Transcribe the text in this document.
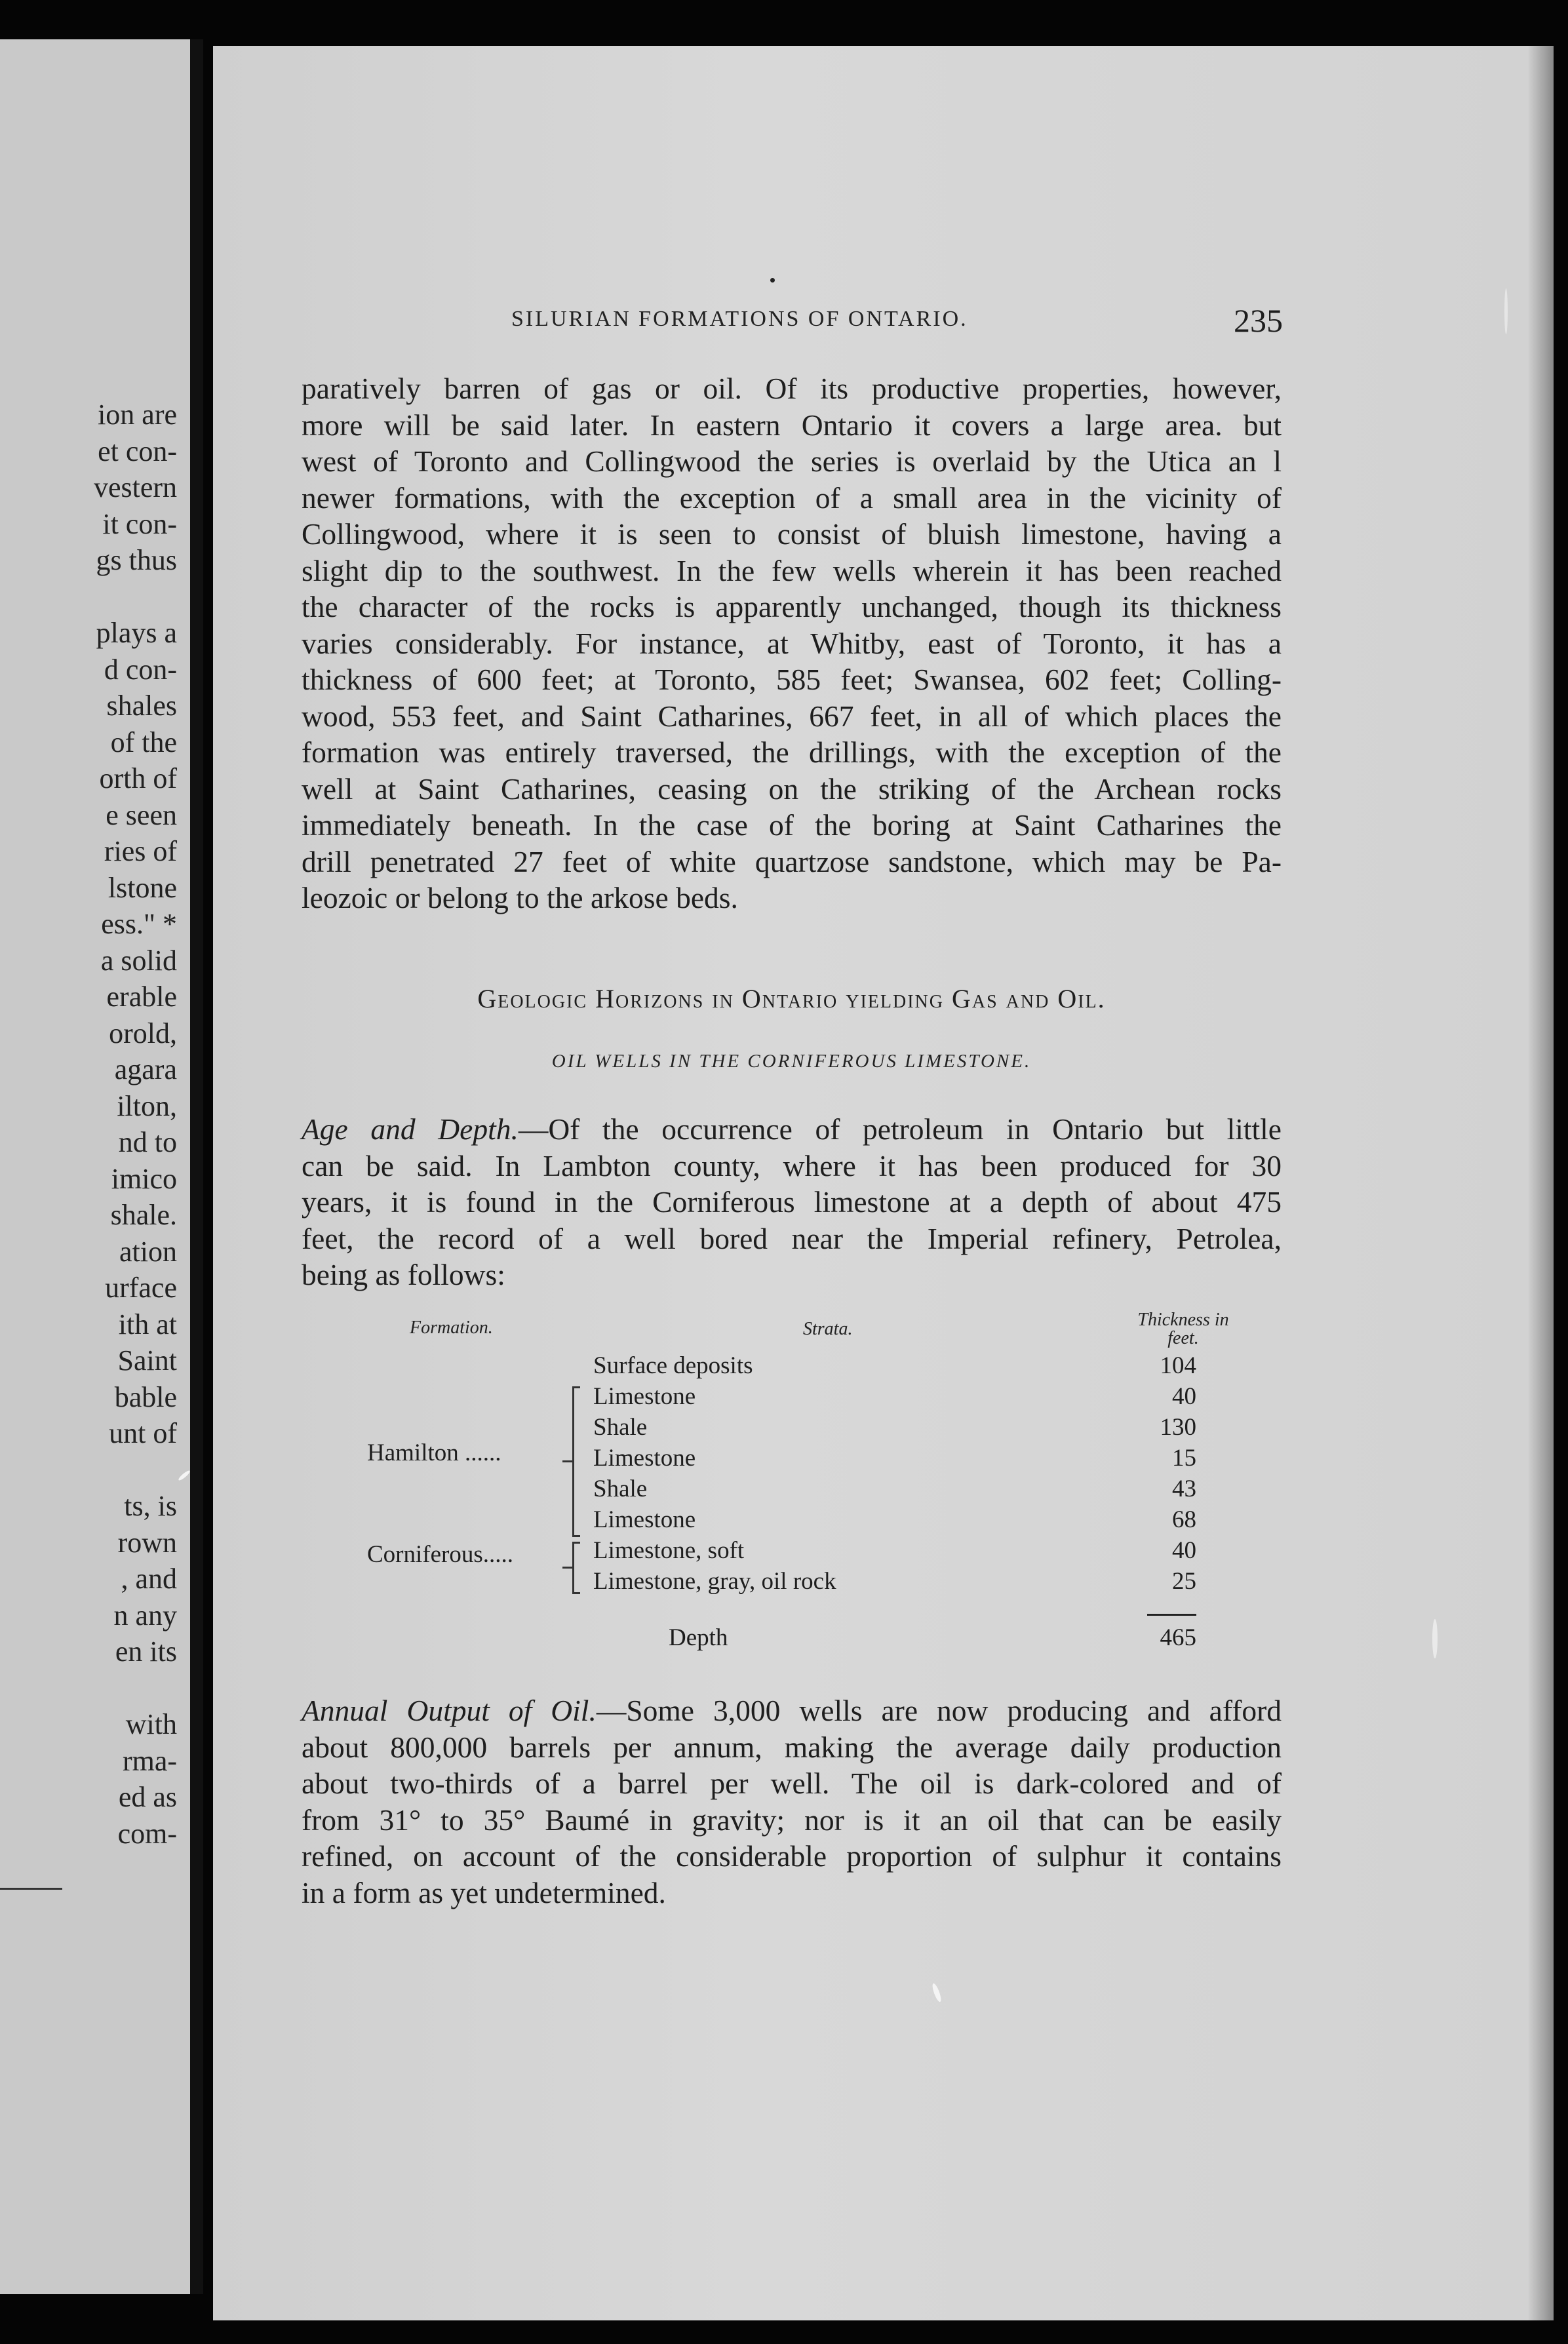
ion are
et con-
vestern
it con-
gs thus

plays a
d con-
shales
of the
orth of
e seen
ries of
lstone
ess." *
a solid
erable
orold,
agara
ilton,
nd to
imico
shale.
ation
urface
ith at
Saint
bable
unt of

ts, is
rown
, and
n any
en its

with
rma-
ed as
com-
SILURIAN FORMATIONS OF ONTARIO.	235
paratively barren of gas or oil. Of its productive properties, however,
more will be said later. In eastern Ontario it covers a large area. but
west of Toronto and Collingwood the series is overlaid by the Utica an l
newer formations, with the exception of a small area in the vicinity of
Collingwood, where it is seen to consist of bluish limestone, having a
slight dip to the southwest. In the few wells wherein it has been reached
the character of the rocks is apparently unchanged, though its thickness
varies considerably. For instance, at Whitby, east of Toronto, it has a
thickness of 600 feet; at Toronto, 585 feet; Swansea, 602 feet; Colling-
wood, 553 feet, and Saint Catharines, 667 feet, in all of which places the
formation was entirely traversed, the drillings, with the exception of the
well at Saint Catharines, ceasing on the striking of the Archean rocks
immediately beneath. In the case of the boring at Saint Catharines the
drill penetrated 27 feet of white quartzose sandstone, which may be Pa-
leozoic or belong to the arkose beds.
Geologic Horizons in Ontario yielding Gas and Oil.
OIL WELLS IN THE CORNIFEROUS LIMESTONE.
Age and Depth.—Of the occurrence of petroleum in Ontario but little
can be said. In Lambton county, where it has been produced for 30
years, it is found in the Corniferous limestone at a depth of about 475
feet, the record of a well bored near the Imperial refinery, Petrolea,
being as follows:
Formation.	Strata.	Thickness in feet.
Surface deposits	104
Hamilton ......
Limestone	40
Shale	130
Limestone	15
Shale	43
Limestone	68
Corniferous.....	Limestone, soft	40
Limestone, gray, oil rock	25
Depth	465
Annual Output of Oil.—Some 3,000 wells are now producing and afford
about 800,000 barrels per annum, making the average daily production
about two-thirds of a barrel per well. The oil is dark-colored and of
from 31° to 35° Baumé in gravity; nor is it an oil that can be easily
refined, on account of the considerable proportion of sulphur it contains
in a form as yet undetermined.
